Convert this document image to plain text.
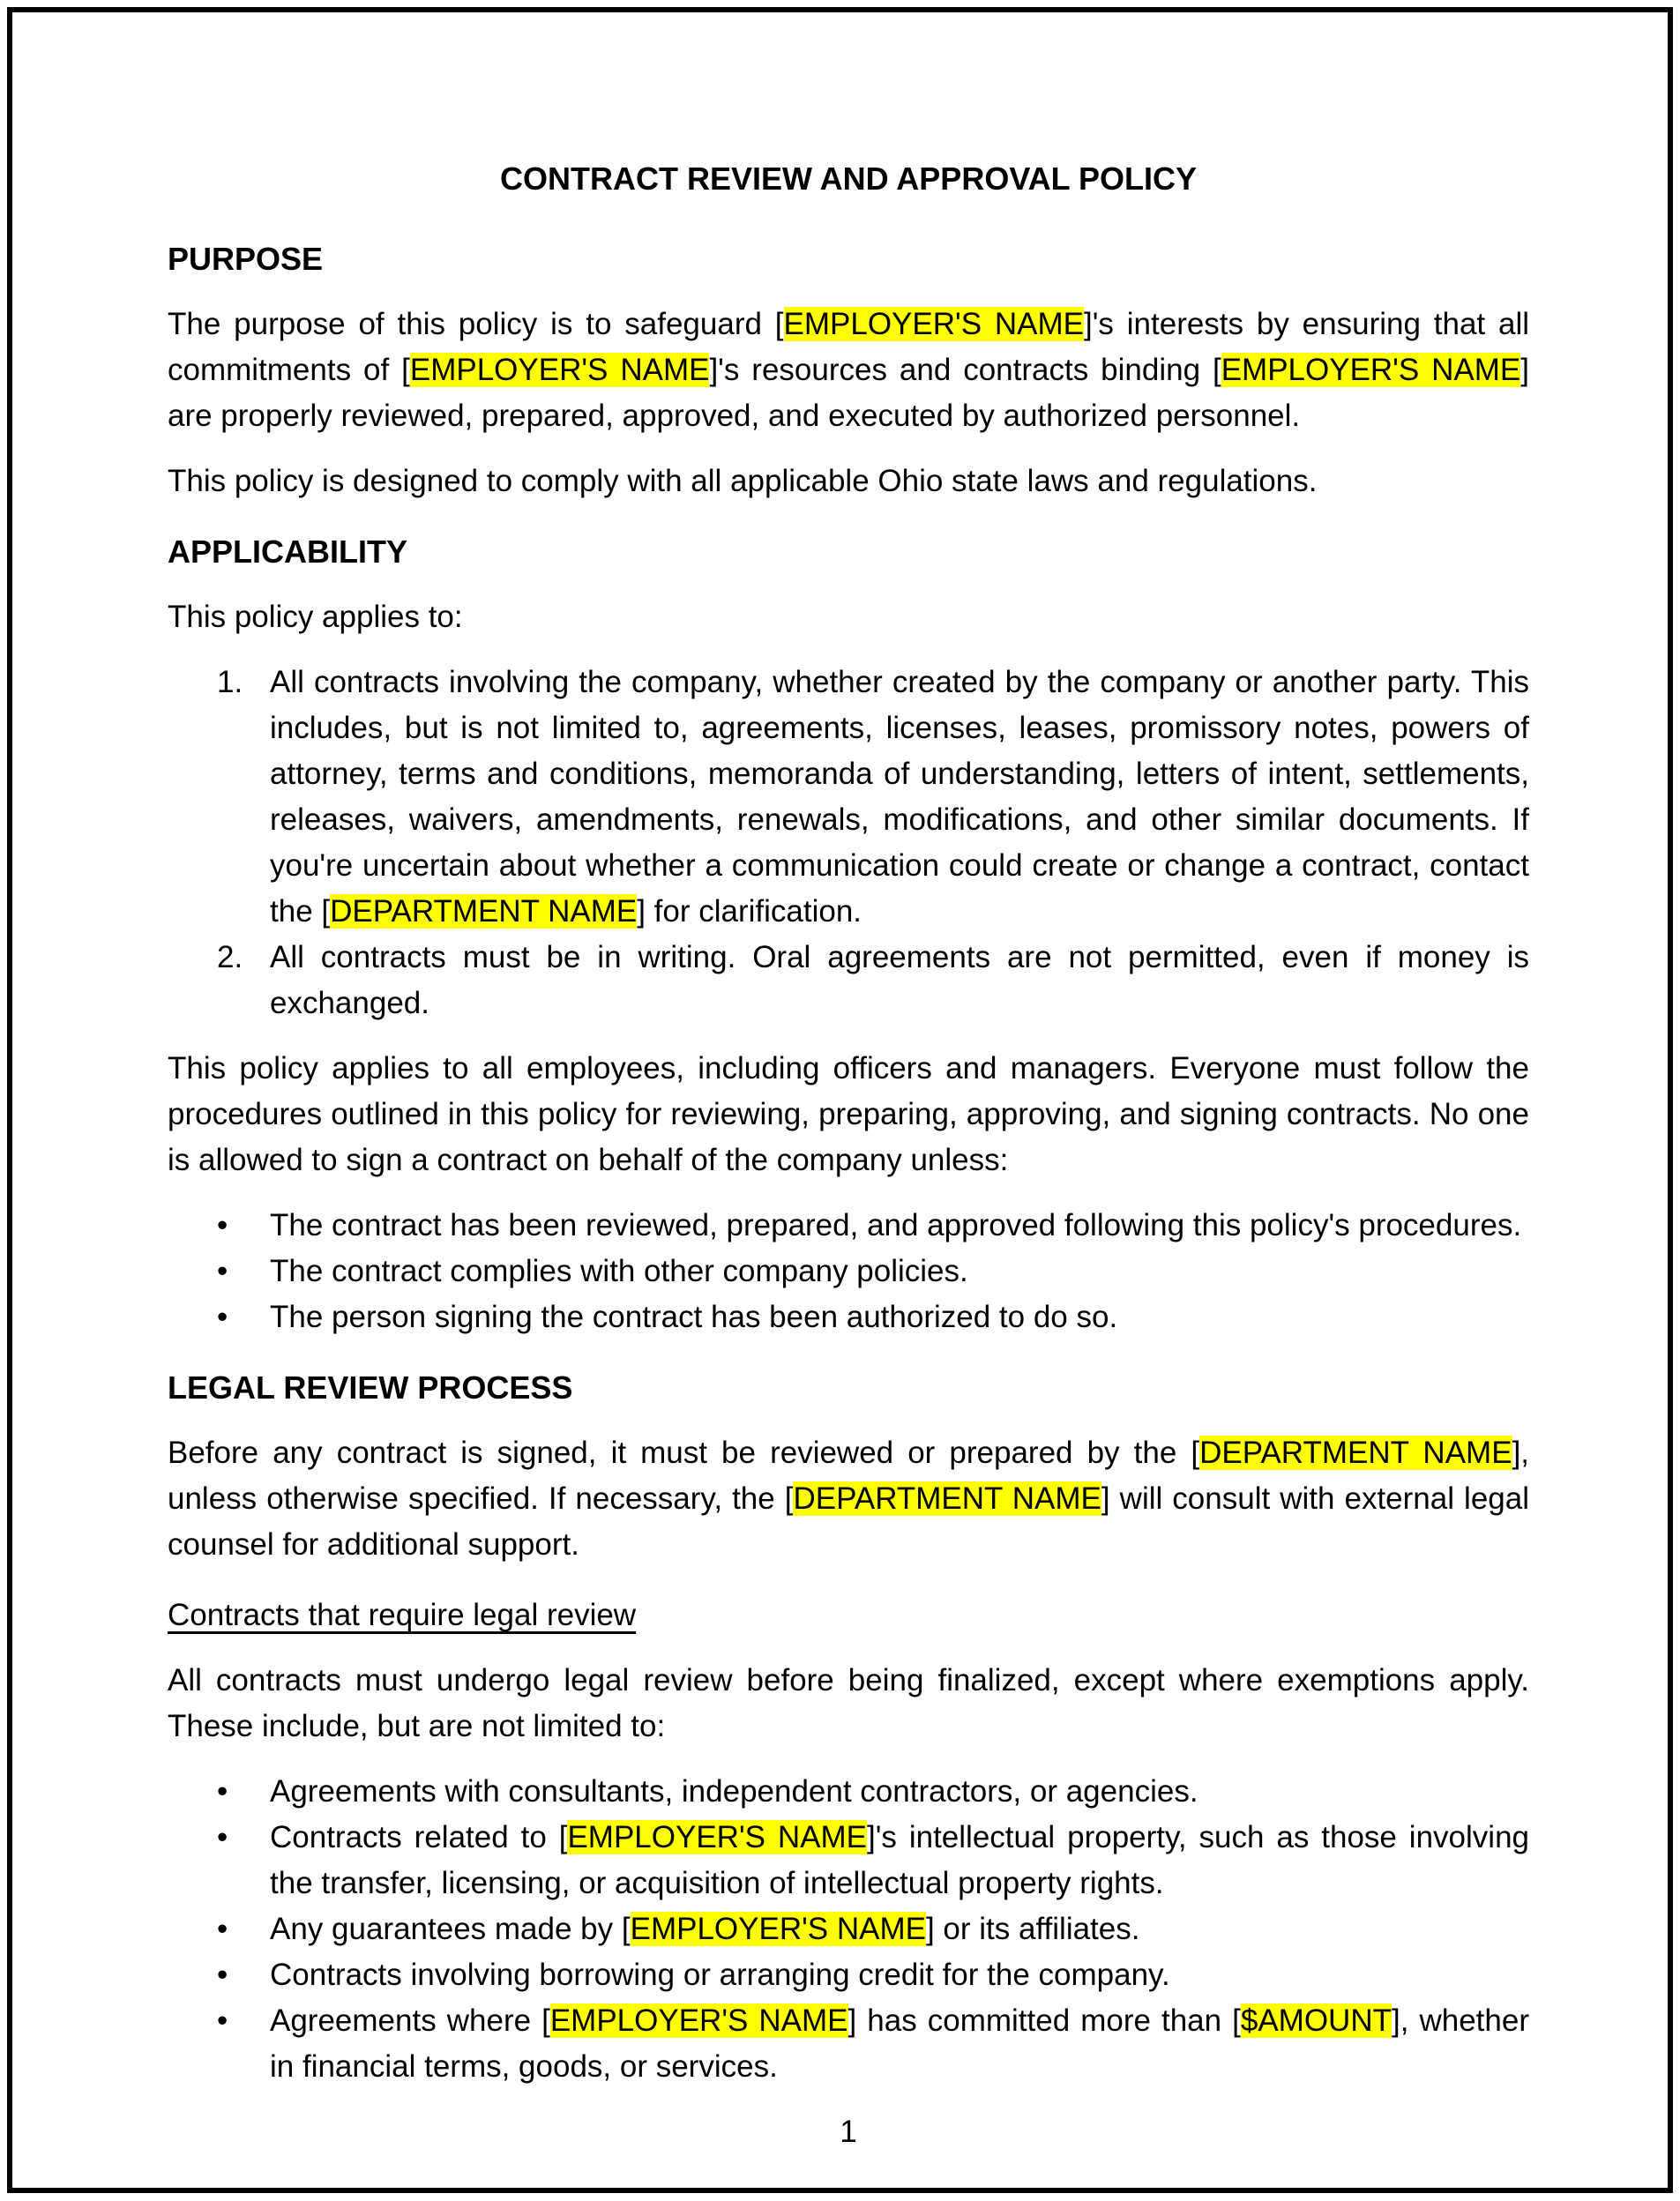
CONTRACT REVIEW AND APPROVAL POLICY
PURPOSE

The purpose of this policy is to safeguard [EMPLOYER'S NAME]'s interests by ensuring that all commitments of [EMPLOYER'S NAME]'s resources and contracts binding [EMPLOYER'S NAME] are properly reviewed, prepared, approved, and executed by authorized personnel.

This policy is designed to comply with all applicable Ohio state laws and regulations.

APPLICABILITY

This policy applies to:

1. All contracts involving the company, whether created by the company or another party. This includes, but is not limited to, agreements, licenses, leases, promissory notes, powers of attorney, terms and conditions, memoranda of understanding, letters of intent, settlements, releases, waivers, amendments, renewals, modifications, and other similar documents. If you're uncertain about whether a communication could create or change a contract, contact the [DEPARTMENT NAME] for clarification.
2. All contracts must be in writing. Oral agreements are not permitted, even if money is exchanged.

This policy applies to all employees, including officers and managers. Everyone must follow the procedures outlined in this policy for reviewing, preparing, approving, and signing contracts. No one is allowed to sign a contract on behalf of the company unless:

• The contract has been reviewed, prepared, and approved following this policy's procedures.
• The contract complies with other company policies.
• The person signing the contract has been authorized to do so.
LEGAL REVIEW PROCESS

Before any contract is signed, it must be reviewed or prepared by the [DEPARTMENT NAME], unless otherwise specified. If necessary, the [DEPARTMENT NAME] will consult with external legal counsel for additional support.

Contracts that require legal review

All contracts must undergo legal review before being finalized, except where exemptions apply. These include, but are not limited to:

• Agreements with consultants, independent contractors, or agencies.
• Contracts related to [EMPLOYER'S NAME]'s intellectual property, such as those involving the transfer, licensing, or acquisition of intellectual property rights.
• Any guarantees made by [EMPLOYER'S NAME] or its affiliates.
• Contracts involving borrowing or arranging credit for the company.
• Agreements where [EMPLOYER'S NAME] has committed more than [$AMOUNT], whether in financial terms, goods, or services.
1
